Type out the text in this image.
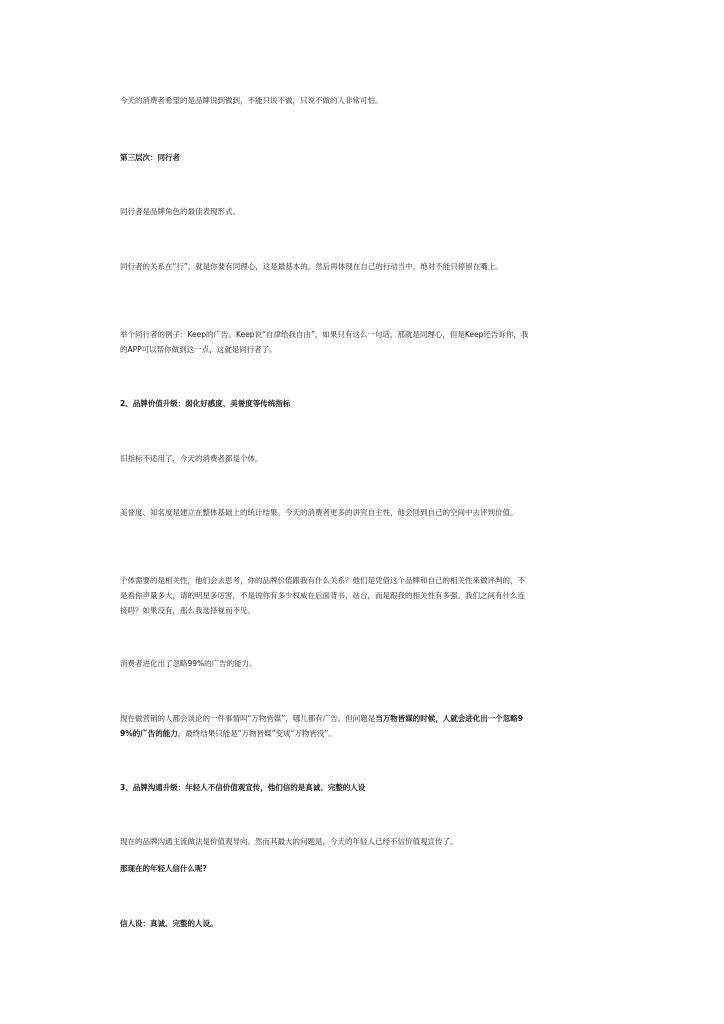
今天的消费者希望的是品牌说到做到，不能只说不做，只说不做的人非常可怕。

第三层次：同行者

同行者是品牌角色的最佳表现形式。

同行者的关系在“行”，就是你要有同理心，这是最基本的，然后再体现在自己的行动当中，绝对不能只停留在嘴上。

举个同行者的例子：Keep的广告。Keep说“自律给我自由”，如果只有这么一句话，那就是同理心，但是Keep还告诉你，我的APP可以帮你做到这一点，这就是同行者了。

2、品牌价值升级：弱化好感度、美誉度等传统指标

旧指标不适用了，今天的消费者都是个体。

美誉度、知名度是建立在整体基础上的统计结果。今天的消费者更多的讲究自主性，他会回到自己的空间中去评判价值。

个体需要的是相关性，他们会去思考，你的品牌价值跟我有什么关系？他们是凭借这个品牌和自己的相关性来做评判的，不是看你声量多大，请的明星多厉害，不是说你有多少权威在后面背书、站台，而是跟我的相关性有多强。我们之间有什么连接吗？如果没有，那么我选择视而不见。

消费者进化出了忽略99%的广告的能力。

现在做营销的人都会谈论的一件事情叫“万物皆媒”，哪儿都有广告。但问题是当万物皆媒的时候，人就会进化出一个忽略99%的广告的能力，最终结果只能是“万物皆媒”变成“万物皆没”。

3、品牌沟通升级：年轻人不信价值观宣传，他们信的是真诚、完整的人设

现在的品牌沟通主流做法是价值观导向。然而其最大的问题是，今天的年轻人已经不信价值观宣传了。

那现在的年轻人信什么呢?

信人设：真诚、完整的人设。
